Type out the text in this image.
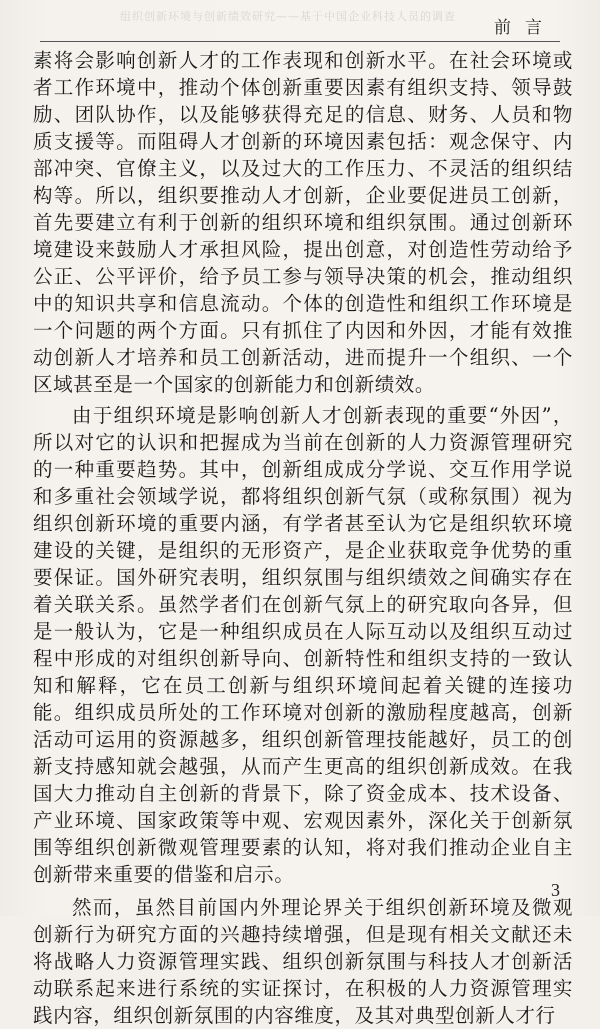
组织创新环境与创新绩效研究——基于中国企业科技人员的调查
前言

素将会影响创新人才的工作表现和创新水平。在社会环境或者工作环境中，推动个体创新重要因素有组织支持、领导鼓励、团队协作，以及能够获得充足的信息、财务、人员和物质支援等。而阻碍人才创新的环境因素包括：观念保守、内部冲突、官僚主义，以及过大的工作压力、不灵活的组织结构等。所以，组织要推动人才创新，企业要促进员工创新，首先要建立有利于创新的组织环境和组织氛围。通过创新环境建设来鼓励人才承担风险，提出创意，对创造性劳动给予公正、公平评价，给予员工参与领导决策的机会，推动组织中的知识共享和信息流动。个体的创造性和组织工作环境是一个问题的两个方面。只有抓住了内因和外因，才能有效推动创新人才培养和员工创新活动，进而提升一个组织、一个区域甚至是一个国家的创新能力和创新绩效。

由于组织环境是影响创新人才创新表现的重要“外因”，所以对它的认识和把握成为当前在创新的人力资源管理研究的一种重要趋势。其中，创新组成成分学说、交互作用学说和多重社会领域学说，都将组织创新气氛（或称氛围）视为组织创新环境的重要内涵，有学者甚至认为它是组织软环境建设的关键，是组织的无形资产，是企业获取竞争优势的重要保证。国外研究表明，组织氛围与组织绩效之间确实存在着关联关系。虽然学者们在创新气氛上的研究取向各异，但是一般认为，它是一种组织成员在人际互动以及组织互动过程中形成的对组织创新导向、创新特性和组织支持的一致认知和解释，它在员工创新与组织环境间起着关键的连接功能。组织成员所处的工作环境对创新的激励程度越高，创新活动可运用的资源越多，组织创新管理技能越好，员工的创新支持感知就会越强，从而产生更高的组织创新成效。在我国大力推动自主创新的背景下，除了资金成本、技术设备、产业环境、国家政策等中观、宏观因素外，深化关于创新氛围等组织创新微观管理要素的认知，将对我们推动企业自主创新带来重要的借鉴和启示。

然而，虽然目前国内外理论界关于组织创新环境及微观创新行为研究方面的兴趣持续增强，但是现有相关文献还未将战略人力资源管理实践、组织创新氛围与科技人才创新活动联系起来进行系统的实证探讨，在积极的人力资源管理实践内容，组织创新氛围的内容维度，及其对典型创新人才行

3
